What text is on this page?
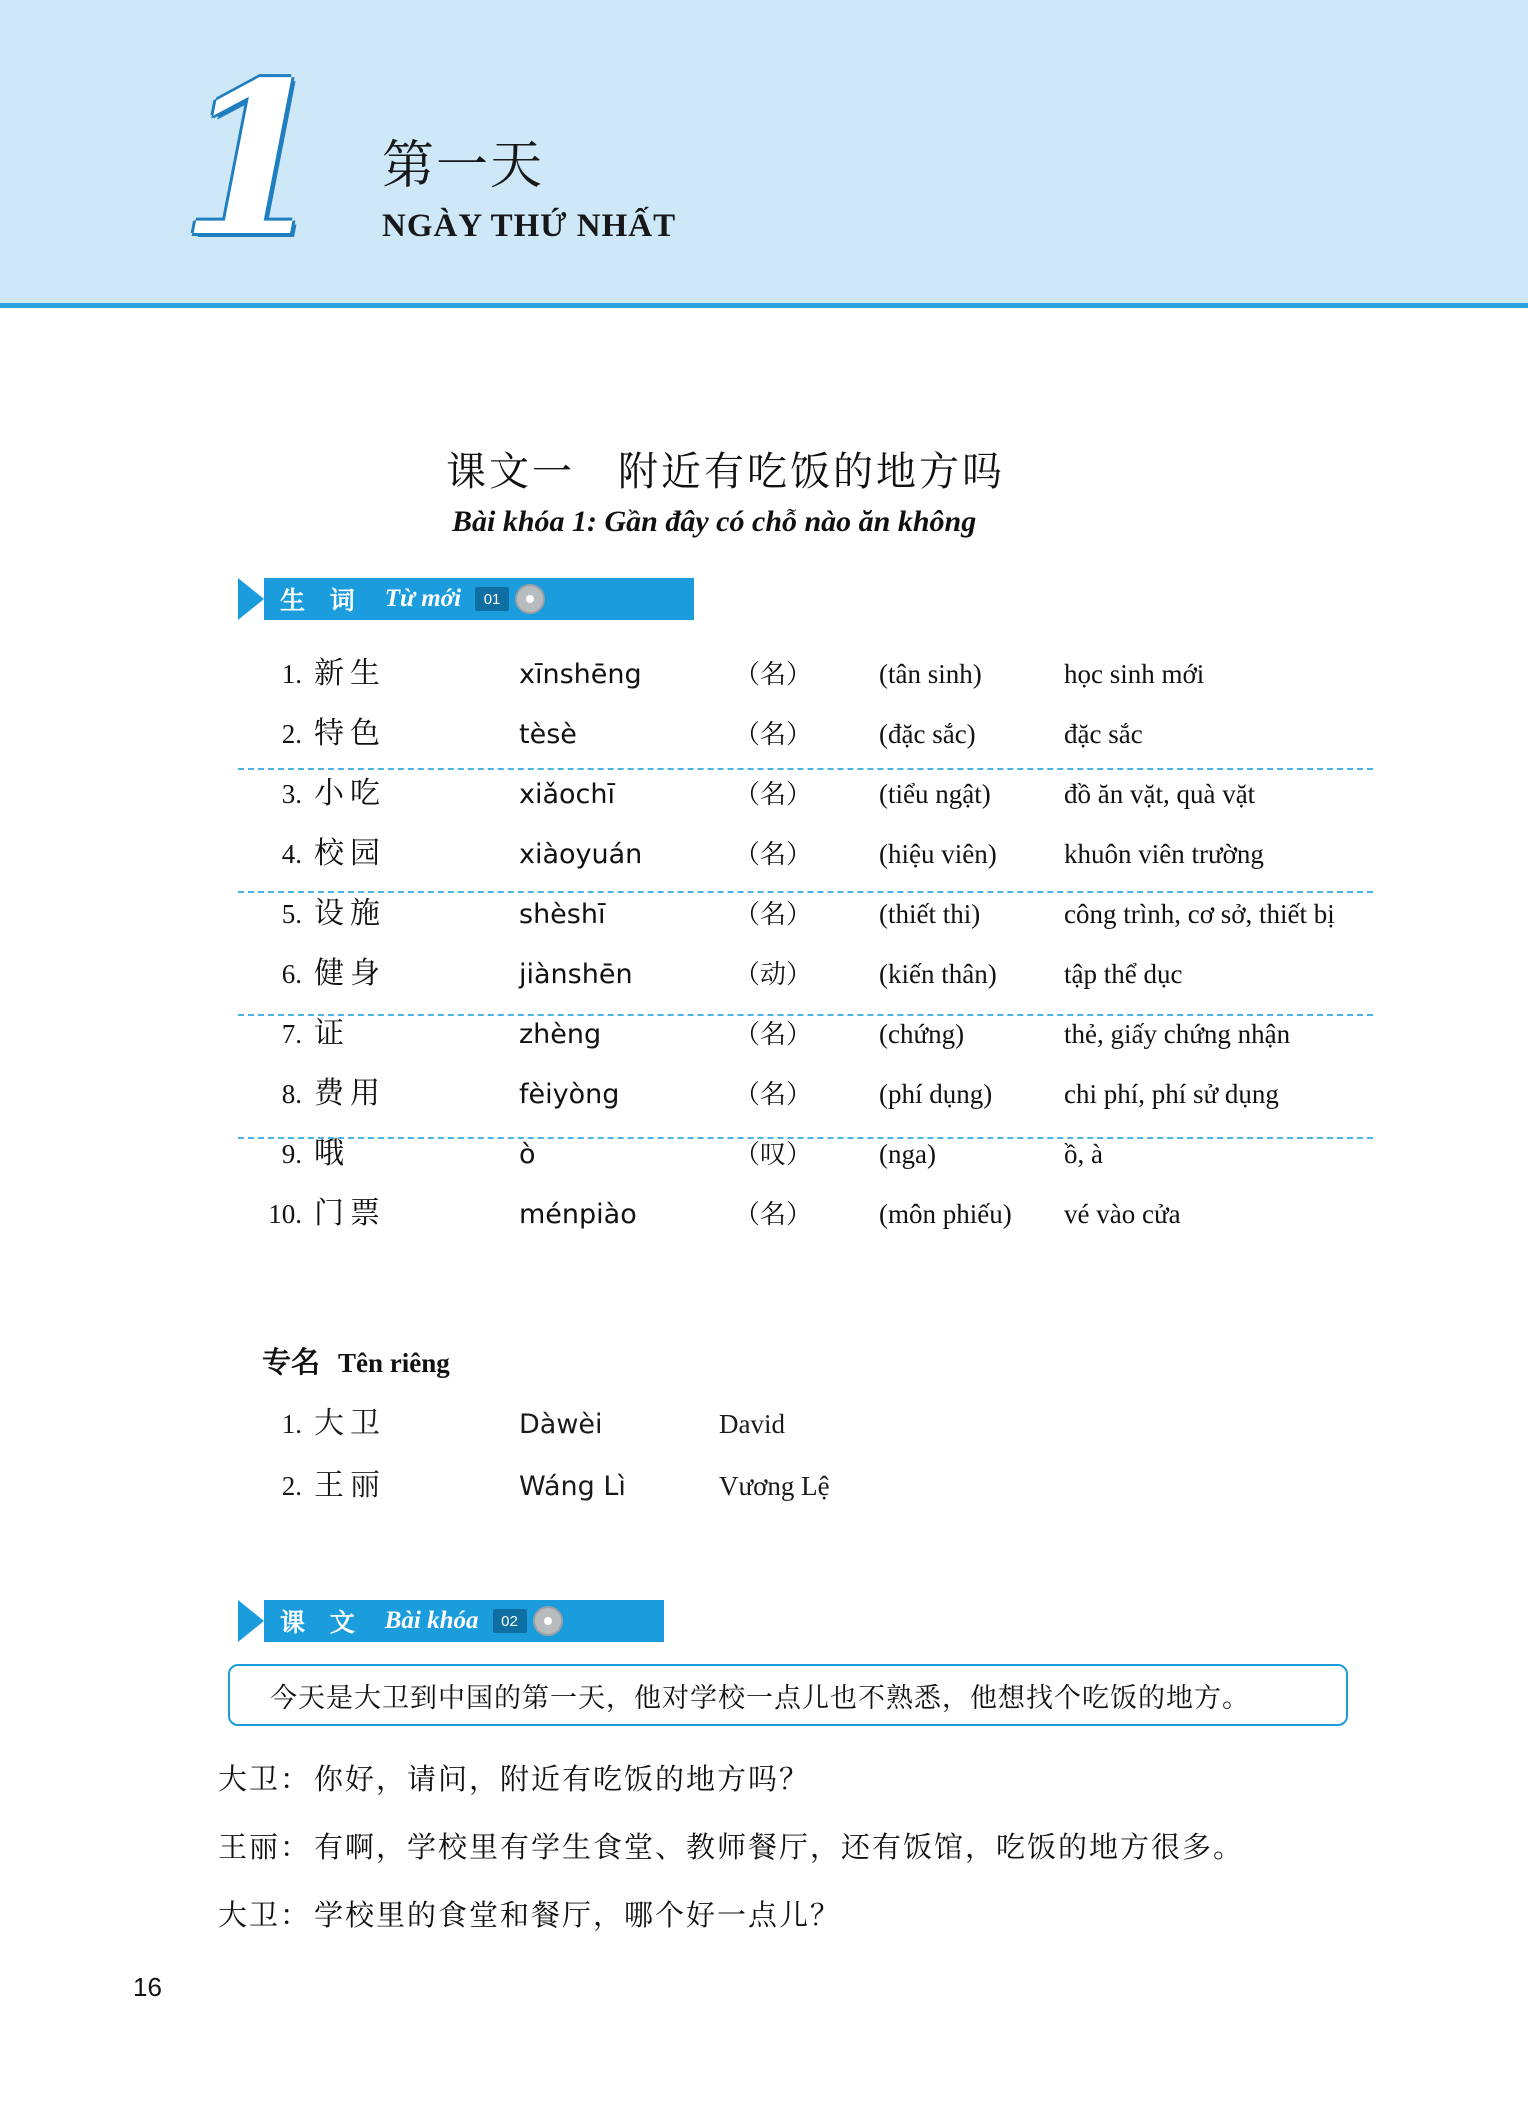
1 第一天
NGÀY THỨ NHẤT
课文一　附近有吃饭的地方吗
Bài khóa 1: Gần đây có chỗ nào ăn không
生 词 Từ mới	01
1. 新生	xīnshēng	（名）	(tân sinh)	học sinh mới
2. 特色	tèsè	（名）	(đặc sắc)	đặc sắc
3. 小吃	xiǎochī	（名）	(tiểu ngật)	đồ ăn vặt, quà vặt
4. 校园	xiàoyuán	（名）	(hiệu viên)	khuôn viên trường
5. 设施	shèshī	（名）	(thiết thi)	công trình, cơ sở, thiết bị
6. 健身	jiànshēn	（动）	(kiến thân)	tập thể dục
7. 证	zhèng	（名）	(chứng)	thẻ, giấy chứng nhận
8. 费用	fèiyòng	（名）	(phí dụng)	chi phí, phí sử dụng
9. 哦	ò	（叹）	(nga)	ồ, à
10. 门票	ménpiào	（名）	(môn phiếu)	vé vào cửa
专名 Tên riêng
1. 大卫	Dàwèi	David
2. 王丽	Wáng Lì	Vương Lệ
课 文 Bài khóa	02
今天是大卫到中国的第一天，他对学校一点儿也不熟悉，他想找个吃饭的地方。
大卫： 你好，请问，附近有吃饭的地方吗？
王丽： 有啊，学校里有学生食堂、教师餐厅，还有饭馆，吃饭的地方很多。
大卫： 学校里的食堂和餐厅，哪个好一点儿？
16
